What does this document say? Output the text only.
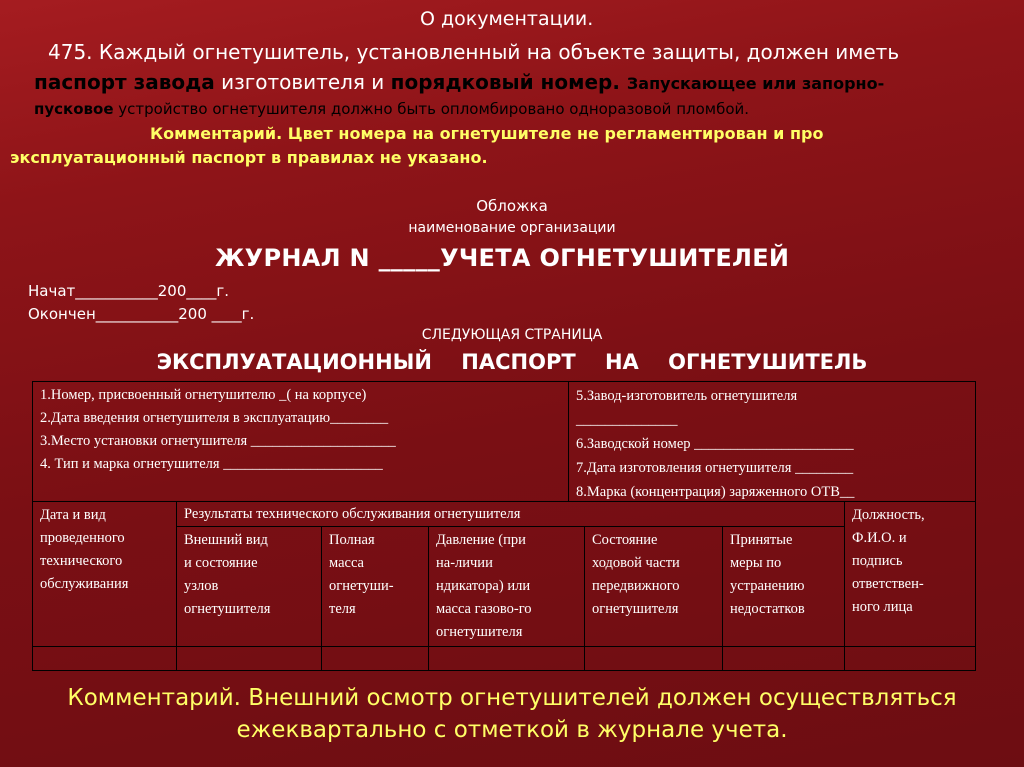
О документации.
475. Каждый огнетушитель, установленный на объекте защиты, должен иметь
паспорт завода изготовителя и порядковый номер. Запускающее или запорно-
пусковое устройство огнетушителя должно быть опломбировано одноразовой пломбой.
Комментарий. Цвет номера на огнетушителе не регламентирован и про
эксплуатационный паспорт в правилах не указано.
Обложка
наименование организации
ЖУРНАЛ N _____УЧЕТА ОГНЕТУШИТЕЛЕЙ
Начат___________200____г.
Окончен___________200 ____г.
СЛЕДУЮЩАЯ СТРАНИЦА
ЭКСПЛУАТАЦИОННЫЙ ПАСПОРТ НА ОГНЕТУШИТЕЛЬ
1.Номер, присвоенный огнетушителю _( на корпусе)
2.Дата введения огнетушителя в эксплуатацию________
3.Место установки огнетушителя ____________________
4. Тип и марка огнетушителя ______________________
5.Завод-изготовитель огнетушителя
______________
6.Заводской номер ______________________
7.Дата изготовления огнетушителя ________
8.Марка (концентрация) заряженного ОТВ__
Дата и вид
проведенного
технического
обслуживания
Результаты технического обслуживания огнетушителя	Должность,
Ф.И.О. и
подпись
ответствен-
ного лица
Внешний вид
и состояние
узлов
огнетушителя
Полная
масса
огнетуши-
теля
Давление (при
на-личии
ндикатора) или
масса газово-го
огнетушителя
Состояние
ходовой части
передвижного
огнетушителя
Принятые
меры по
устранению
недостатков
Комментарий. Внешний осмотр огнетушителей должен осуществляться
ежеквартально с отметкой в журнале учета.
